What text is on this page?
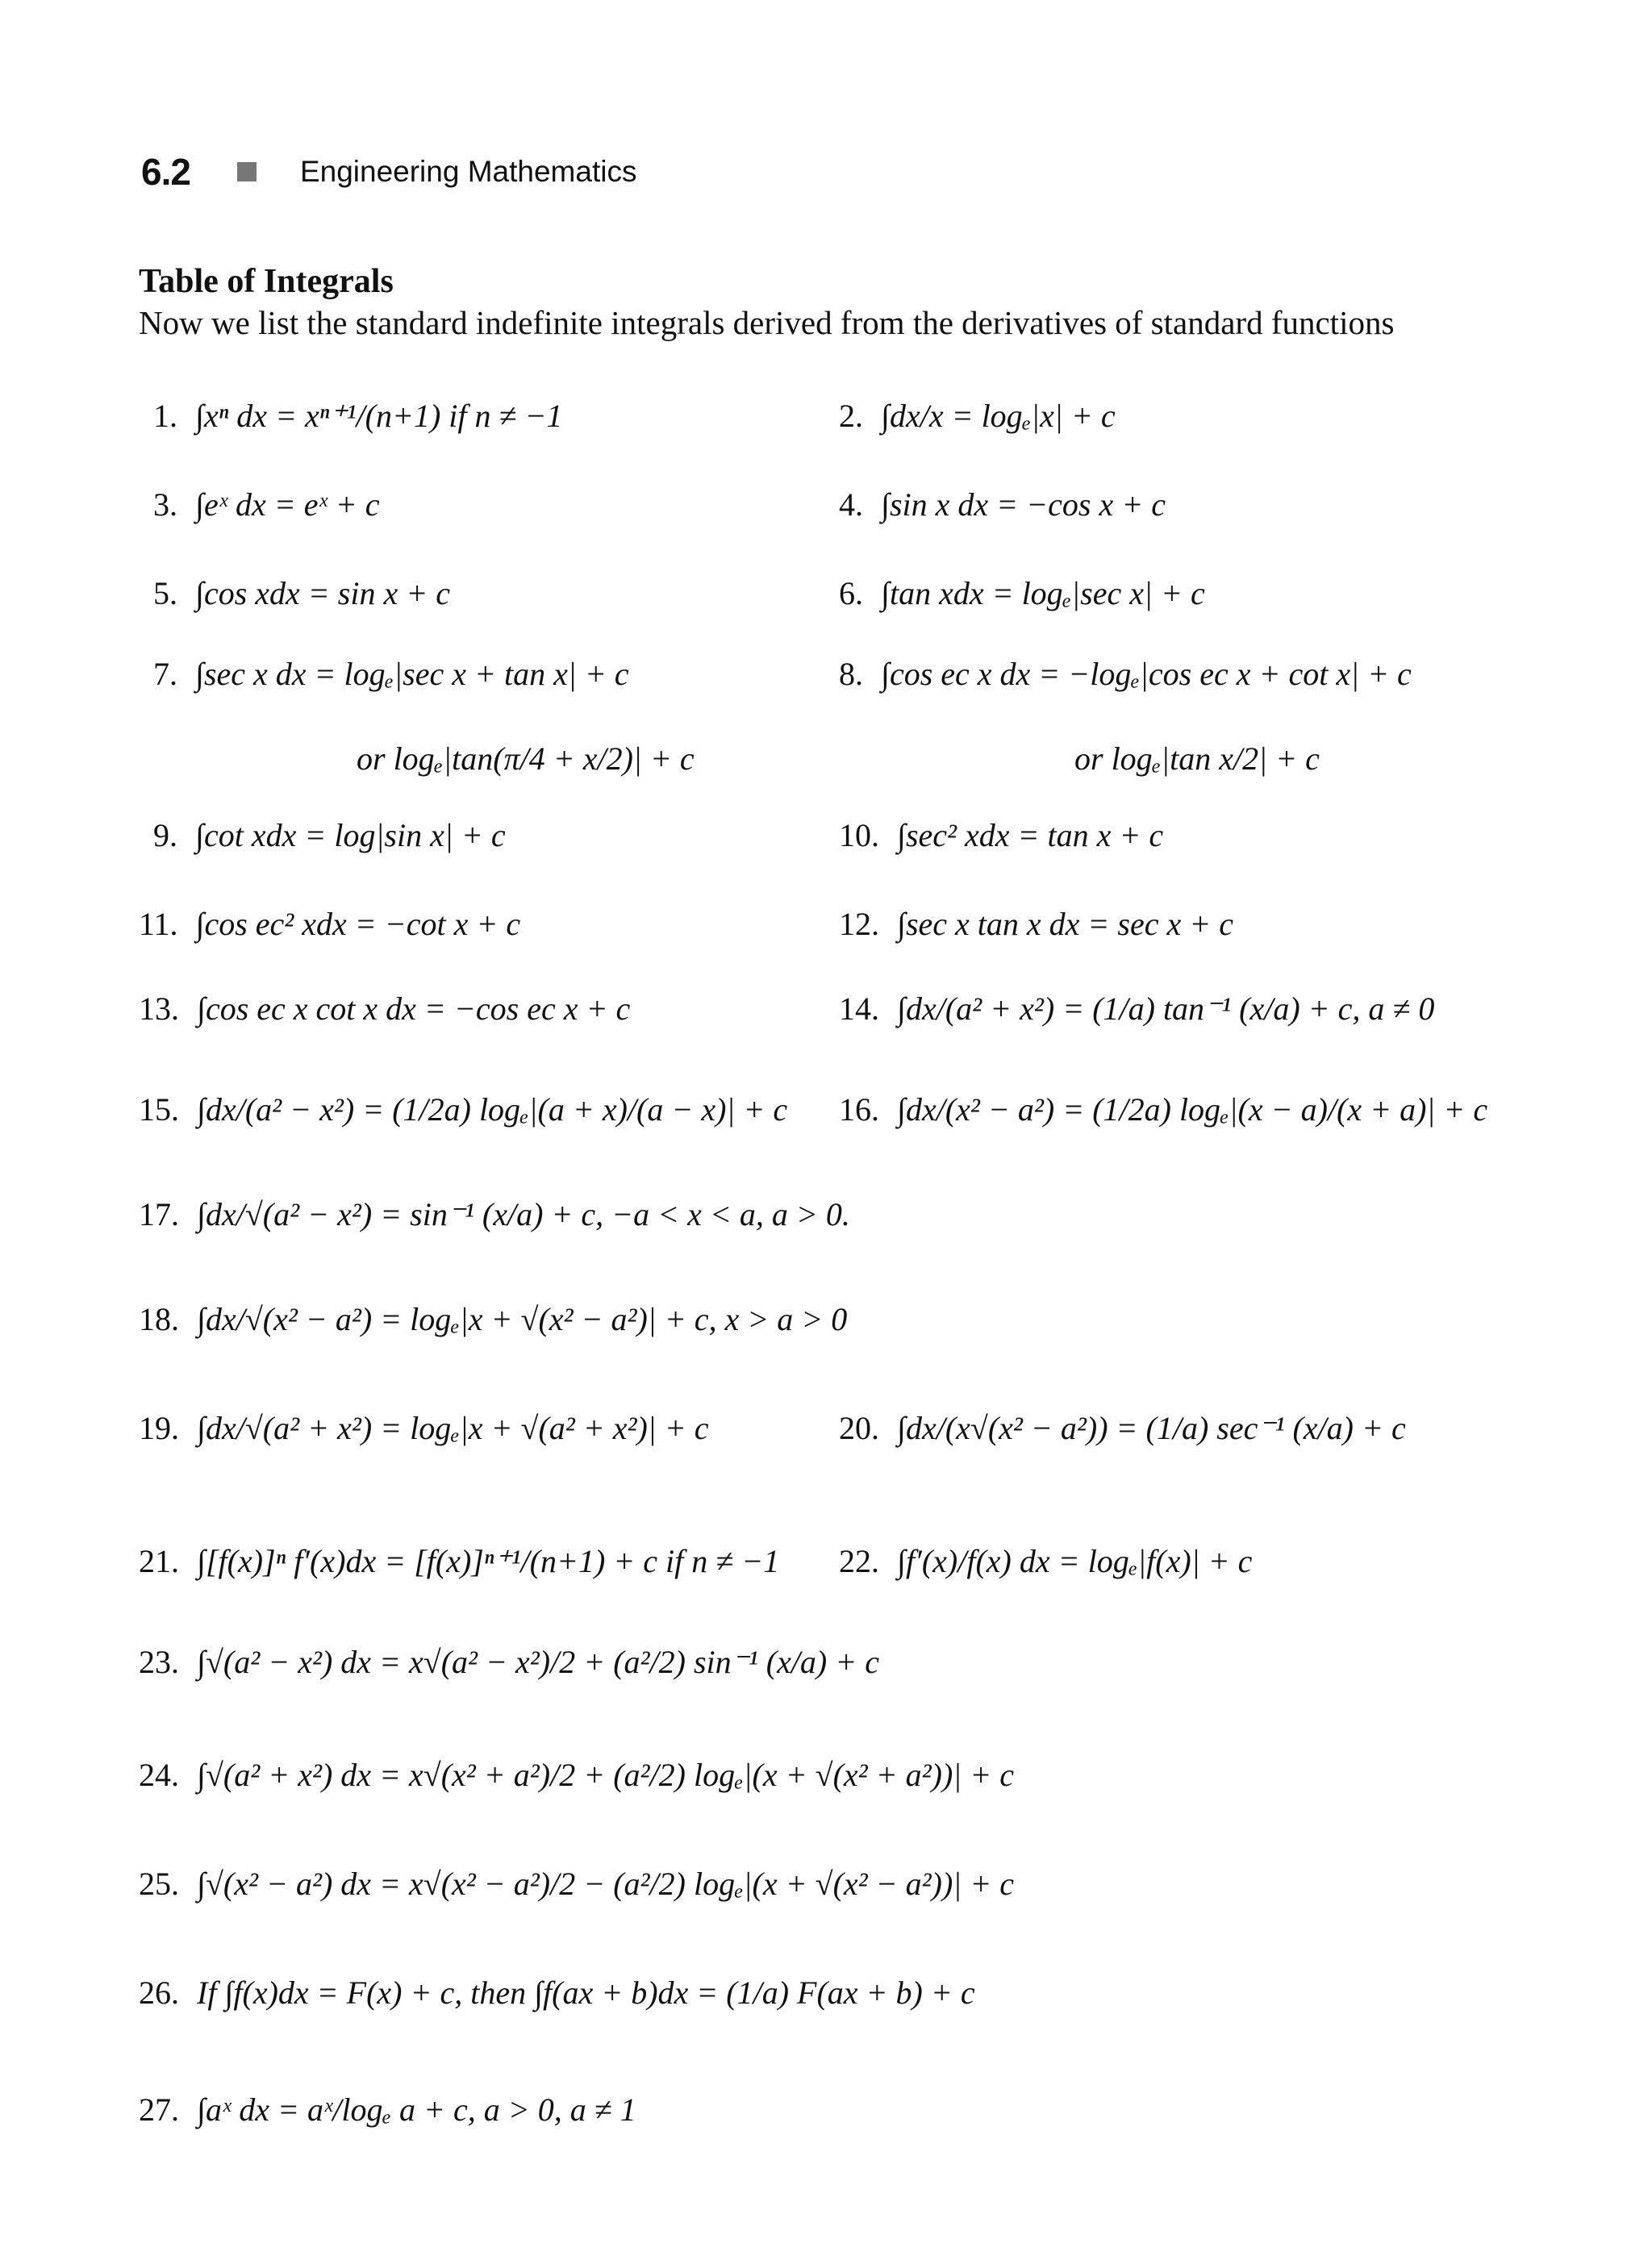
6.2	Engineering Mathematics
Table of Integrals
Now we list the standard indefinite integrals derived from the derivatives of standard functions
1. ∫xⁿ dx = xⁿ⁺¹/(n+1) if n ≠ −1	2. ∫dx/x = logₑ|x| + c
3. ∫eˣ dx = eˣ + c	4. ∫sin x dx = −cos x + c
5. ∫cos xdx = sin x + c	6. ∫tan xdx = logₑ|sec x| + c
7. ∫sec x dx = logₑ|sec x + tan x| + c
or logₑ|tan(π/4 + x/2)| + c
8. ∫cos ec x dx = −logₑ|cos ec x + cot x| + c
or logₑ|tan x/2| + c
9. ∫cot xdx = log|sin x| + c	10. ∫sec² xdx = tan x + c
11. ∫cos ec² xdx = −cot x + c	12. ∫sec x tan x dx = sec x + c
13. ∫cos ec x cot x dx = −cos ec x + c	14. ∫dx/(a² + x²) = (1/a) tan⁻¹ (x/a) + c, a ≠ 0
15. ∫dx/(a² − x²) = (1/2a) logₑ|(a + x)/(a − x)| + c 16. ∫dx/(x² − a²) = (1/2a) logₑ|(x − a)/(x + a)| + c
17. ∫dx/√(a² − x²) = sin⁻¹ (x/a) + c, −a < x < a, a > 0.
18. ∫dx/√(x² − a²) = logₑ|x + √(x² − a²)| + c, x > a > 0
19. ∫dx/√(a² + x²) = logₑ|x + √(a² + x²)| + c	20. ∫dx/(x√(x² − a²)) = (1/a) sec⁻¹ (x/a) + c
21. ∫[f(x)]ⁿ f′(x)dx = [f(x)]ⁿ⁺¹/(n+1) + c if n ≠ −1 22. ∫f′(x)/f(x) dx = logₑ|f(x)| + c
23. ∫√(a² − x²) dx = x√(a² − x²)/2 + (a²/2) sin⁻¹ (x/a) + c
24. ∫√(a² + x²) dx = x√(x² + a²)/2 + (a²/2) logₑ|(x + √(x² + a²))| + c
25. ∫√(x² − a²) dx = x√(x² − a²)/2 − (a²/2) logₑ|(x + √(x² − a²))| + c
26. If ∫f(x)dx = F(x) + c, then ∫f(ax + b)dx = (1/a) F(ax + b) + c
27. ∫aˣ dx = aˣ/logₑ a + c, a > 0, a ≠ 1
